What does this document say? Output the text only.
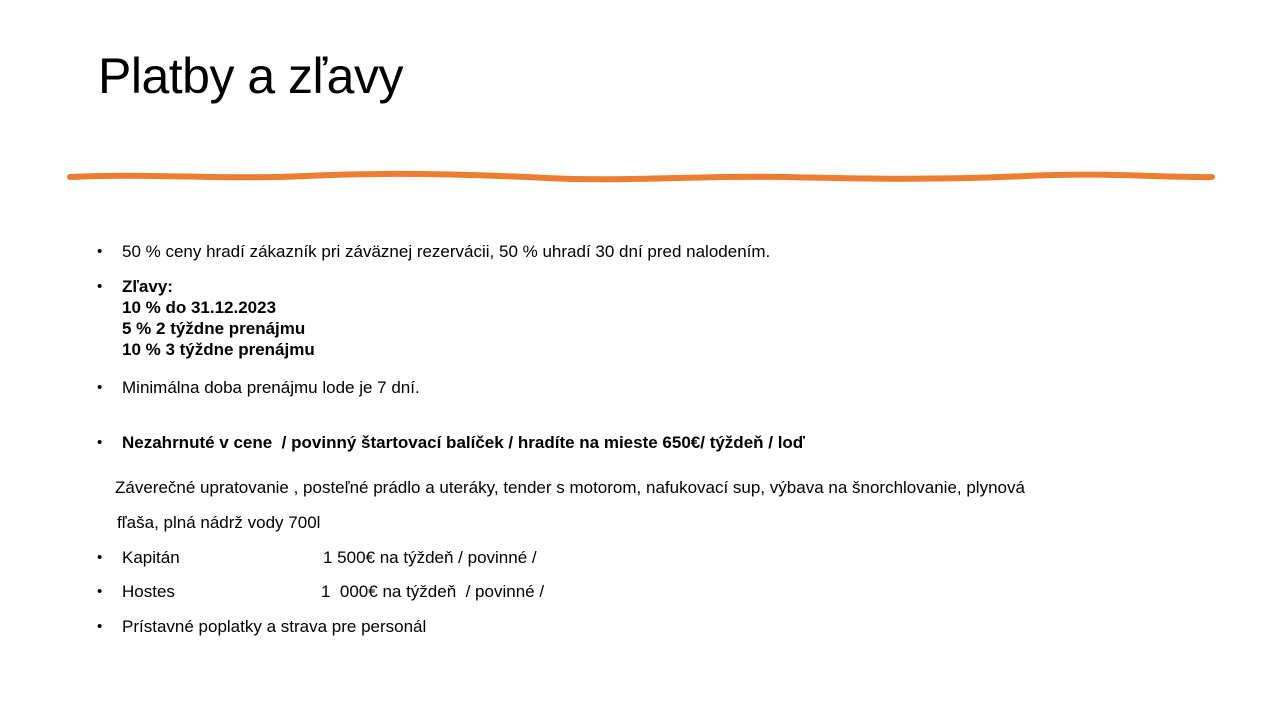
Platby a zľavy
• 50 % ceny hradí zákazník pri záväznej rezervácii, 50 % uhradí 30 dní pred nalodením.
• Zľavy:
10 % do 31.12.2023
5 % 2 týždne prenájmu
10 % 3 týždne prenájmu
• Minimálna doba prenájmu lode je 7 dní.
• Nezahrnuté v cene  / povinný štartovací balíček / hradíte na mieste 650€/ týždeň / loď
Záverečné upratovanie , posteľné prádlo a uteráky, tender s motorom, nafukovací sup, výbava na šnorchlovanie, plynová
fľaša, plná nádrž vody 700l
• Kapitán	1 500€ na týždeň / povinné /
• Hostes	1  000€ na týždeň  / povinné /
• Prístavné poplatky a strava pre personál
